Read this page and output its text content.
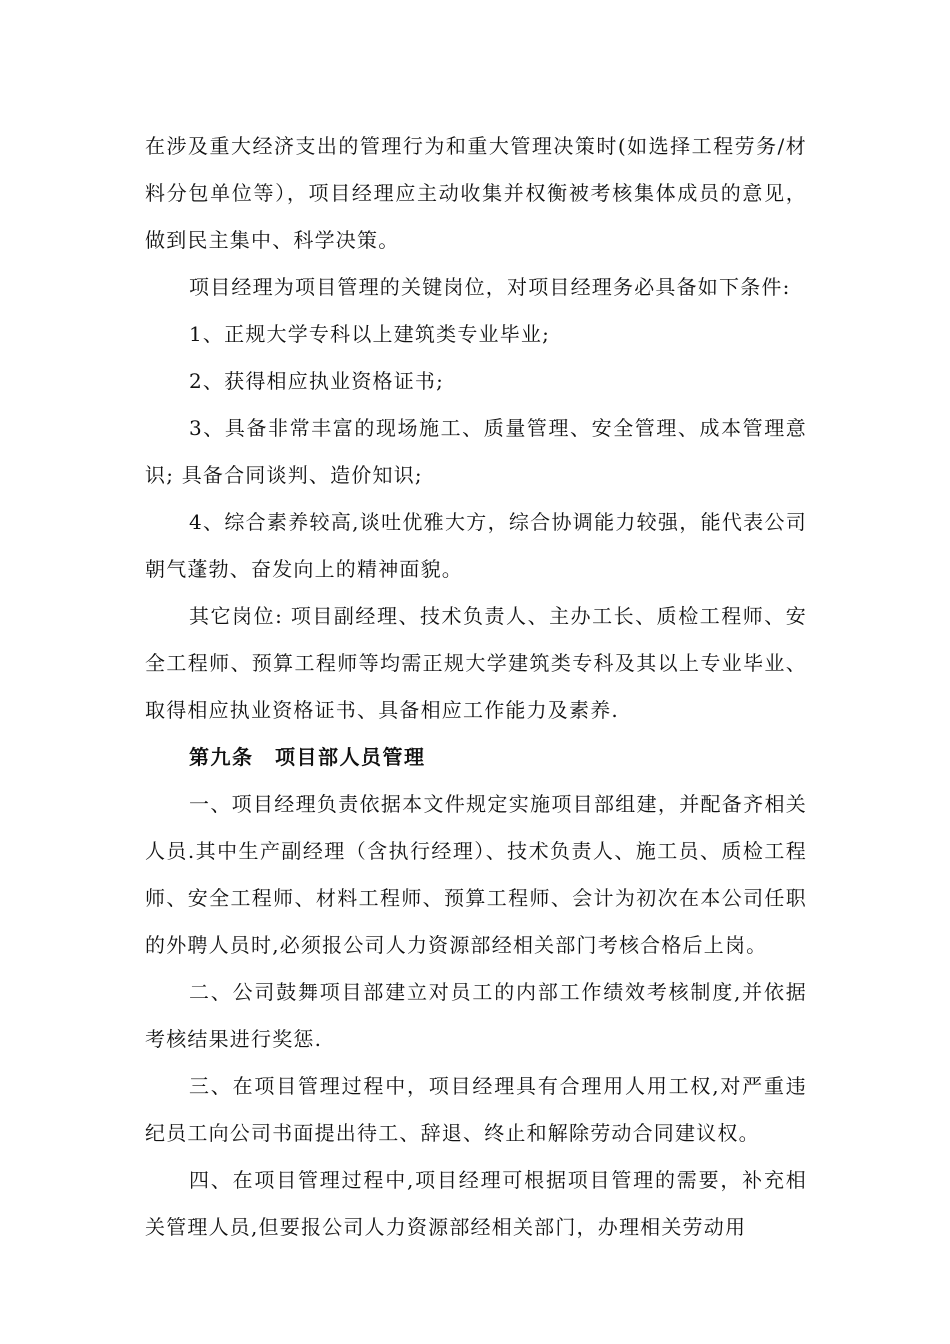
在涉及重大经济支出的管理行为和重大管理决策时(如选择工程劳务/材料分包单位等），项目经理应主动收集并权衡被考核集体成员的意见，做到民主集中、科学决策。

项目经理为项目管理的关键岗位，对项目经理务必具备如下条件:

1、正规大学专科以上建筑类专业毕业;

2、获得相应执业资格证书;

3、具备非常丰富的现场施工、质量管理、安全管理、成本管理意识; 具备合同谈判、造价知识;

4、综合素养较高,谈吐优雅大方，综合协调能力较强，能代表公司朝气蓬勃、奋发向上的精神面貌。

其它岗位: 项目副经理、技术负责人、主办工长、质检工程师、安全工程师、预算工程师等均需正规大学建筑类专科及其以上专业毕业、取得相应执业资格证书、具备相应工作能力及素养.

第九条　项目部人员管理

一、项目经理负责依据本文件规定实施项目部组建，并配备齐相关人员.其中生产副经理（含执行经理）、技术负责人、施工员、质检工程师、安全工程师、材料工程师、预算工程师、会计为初次在本公司任职的外聘人员时,必须报公司人力资源部经相关部门考核合格后上岗。

二、公司鼓舞项目部建立对员工的内部工作绩效考核制度,并依据考核结果进行奖惩.

三、在项目管理过程中，项目经理具有合理用人用工权,对严重违纪员工向公司书面提出待工、辞退、终止和解除劳动合同建议权。

四、在项目管理过程中,项目经理可根据项目管理的需要，补充相关管理人员,但要报公司人力资源部经相关部门，办理相关劳动用
